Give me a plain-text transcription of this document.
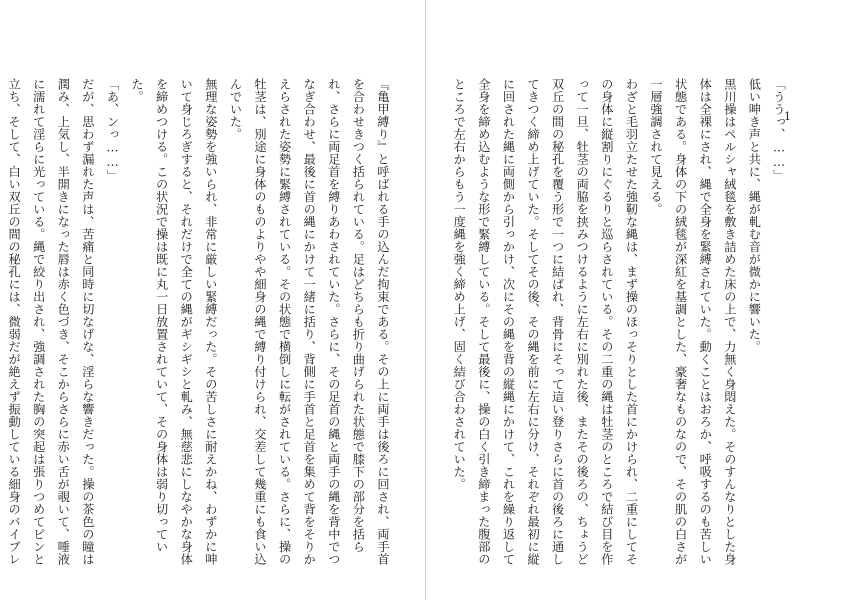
『亀甲縛り』と呼ばれる手の込んだ拘束である。その上に両手は後ろに回され、両手首を合わせきつく括られている。足はどちらも折り曲げられた状態で膝下の部分を括られ、さらに両足首を縛りあわされていた。さらに、その足首の縄と両手の縄を背中でつなぎ合わせ、最後に首の縄にかけて一緒に括り、背側に手首と足首を集めて背をそりかえらされた姿勢に緊縛されている。その状態で横倒しに転がされている。さらに、操の牡茎は、別途に身体のものよりやや細身の縄で縛り付けられ、交差して幾重にも食い込んでいた。

無理な姿勢を強いられ、非常に厳しい緊縛だった。その苦しさに耐えかね、わずかに呻いて身じろぎすると、それだけで全ての縄がギシギシと軋み、無慈悲にしなやかな身体を締めつける。この状況で操は既に丸一日放置されていて、その身体は弱り切っていた。

「あ、ンっ……」

だが、思わず漏れた声は、苦痛と同時に切なげな、淫らな響きだった。操の茶色の瞳は潤み、上気し、半開きになった唇は赤く色づき、そこからさらに赤い舌が覗いて、唾液に濡れて淫らに光っている。縄で絞り出され、強調された胸の突起は張りつめてピンと立ち、そして、白い双丘の間の秘孔には、微弱だが絶えず振動している細身のバイブレ

1

「ううっ、……」

低い呻き声と共に、縄が軋む音が微かに響いた。

黒川操はペルシャ絨毯を敷き詰めた床の上で、力無く身悶えた。そのすんなりとした身体は全裸にされ、縄で全身を緊縛されていた。動くことはおろか、呼吸するのも苦しい状態である。身体の下の絨毯が深紅を基調とした、豪奢なものなので、その肌の白さが一層強調されて見える。

わざと毛羽立たせた強靭な縄は、まず操のほっそりとした首にかけられ、二重にしてその身体に縦割りにぐるりと巡らされている。その二重の縄は牡茎のところで結び目を作って一旦、牡茎の両脇を挟みつけるように左右に別れた後、またその後ろの、ちょうど双丘の間の秘孔を覆う形で一つに結ばれ、背骨にそって這い登りさらに首の後ろに通してきつく締め上げていた。そしてその後、その縄を前に左右に分け、それぞれ最初に縦に回された縄に両側から引っかけ、次にその縄を背の縦縄にかけて、これを繰り返して全身を締め込むような形で緊縛している。そして最後に、操の白く引き締まった腹部のところで左右からもう一度縄を強く締め上げ、固く結び合わされていた。
